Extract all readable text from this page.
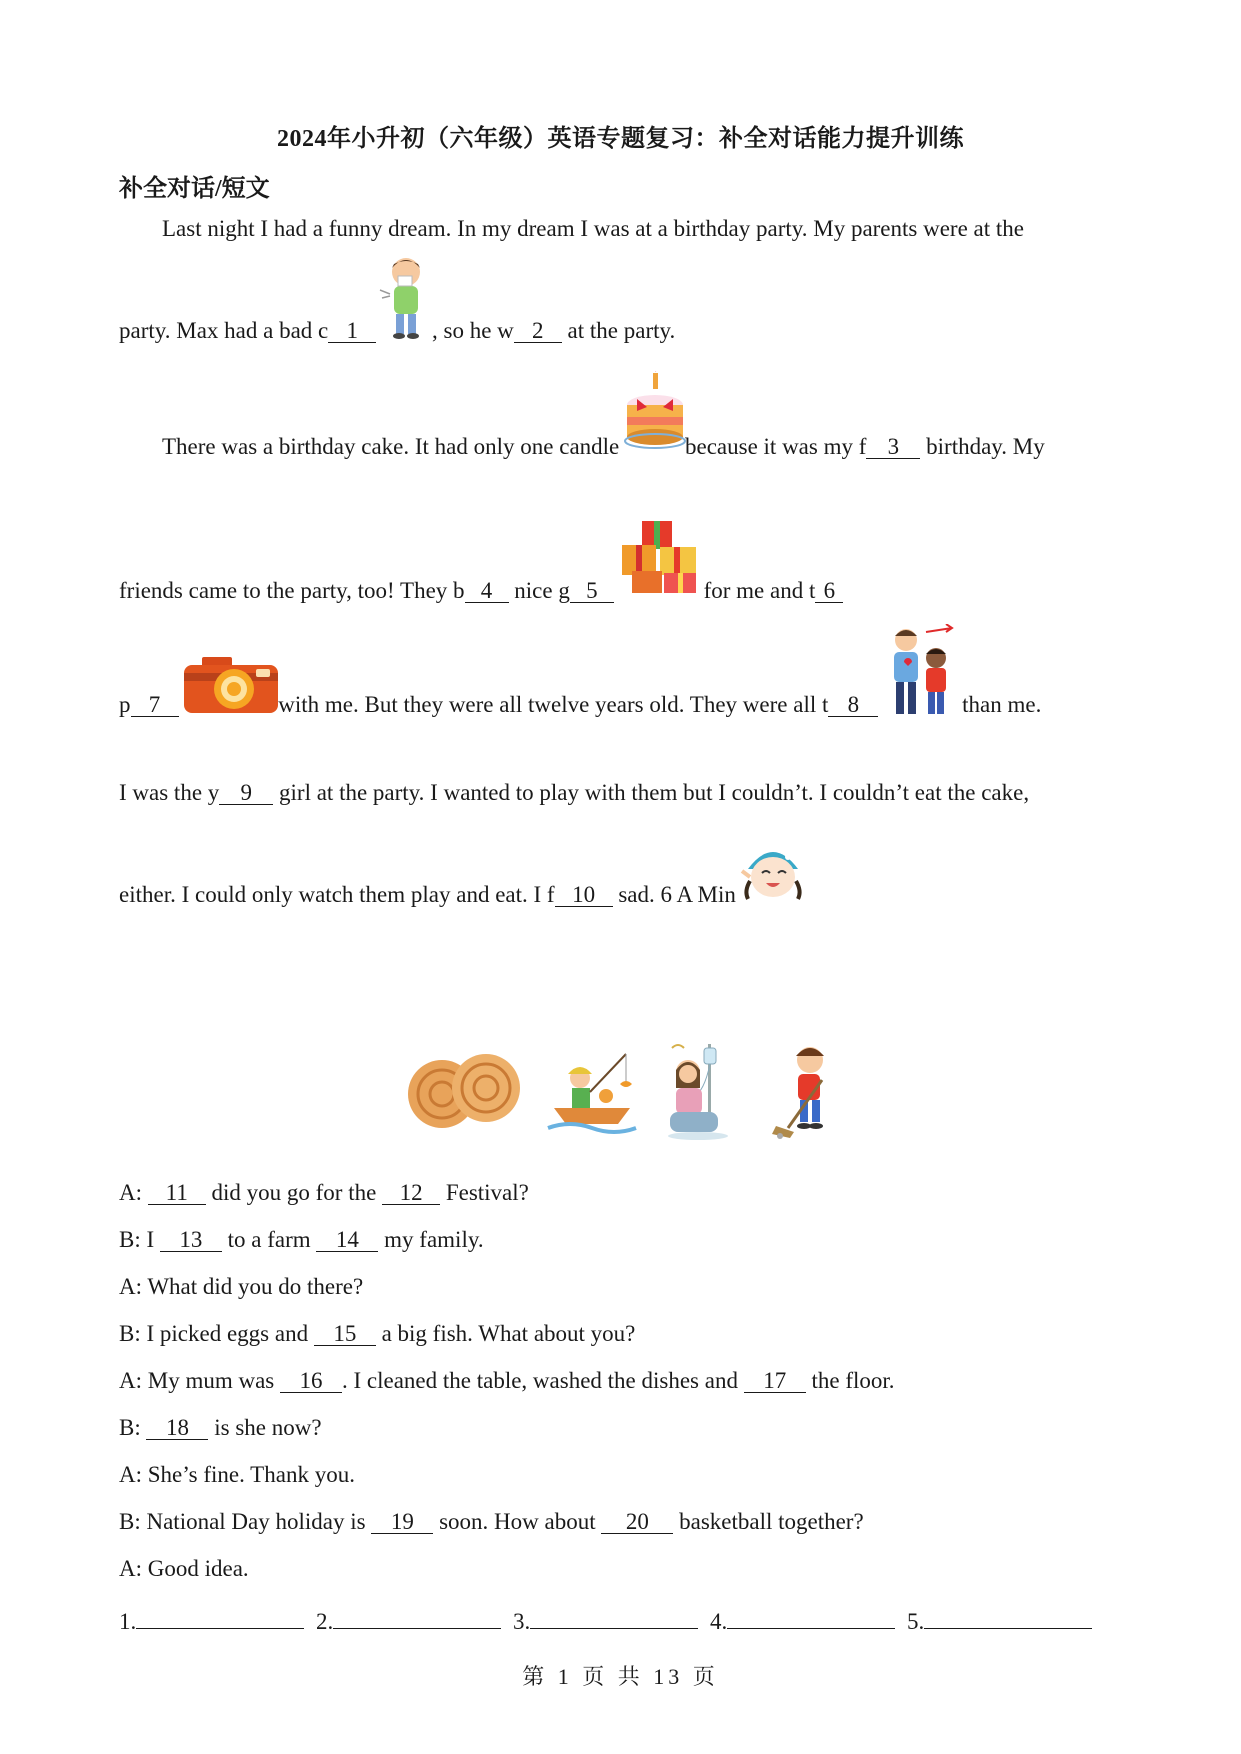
2024年小升初（六年级）英语专题复习：补全对话能力提升训练
补全对话/短文
Last night I had a funny dream. In my dream I was at a birthday party. My parents were at the
party. Max had a bad c 1	, so he w 2 at the party.
There was a birthday cake. It had only one candle	because it was my f 3 birthday. My
friends came to the party, too! They b 4 nice g 5	for me and t 6
p 7	with me. But they were all twelve years old. They were all t 8	than me.
I was the y 9 girl at the party. I wanted to play with them but I couldn’t. I couldn’t eat the cake,
either. I could only watch them play and eat. I f 10 sad. 6 A Min
A: 11 did you go for the 12 Festival?
B: I 13 to a farm 14 my family.
A: What did you do there?
B: I picked eggs and 15 a big fish. What about you?
A: My mum was 16 . I cleaned the table, washed the dishes and 17 the floor.
B: 18 is she now?
A: She’s fine. Thank you.
B: National Day holiday is 19 soon. How about 20 basketball together?
A: Good idea.
1.	2.	3.	4.	5.
第 1 页 共 13 页
